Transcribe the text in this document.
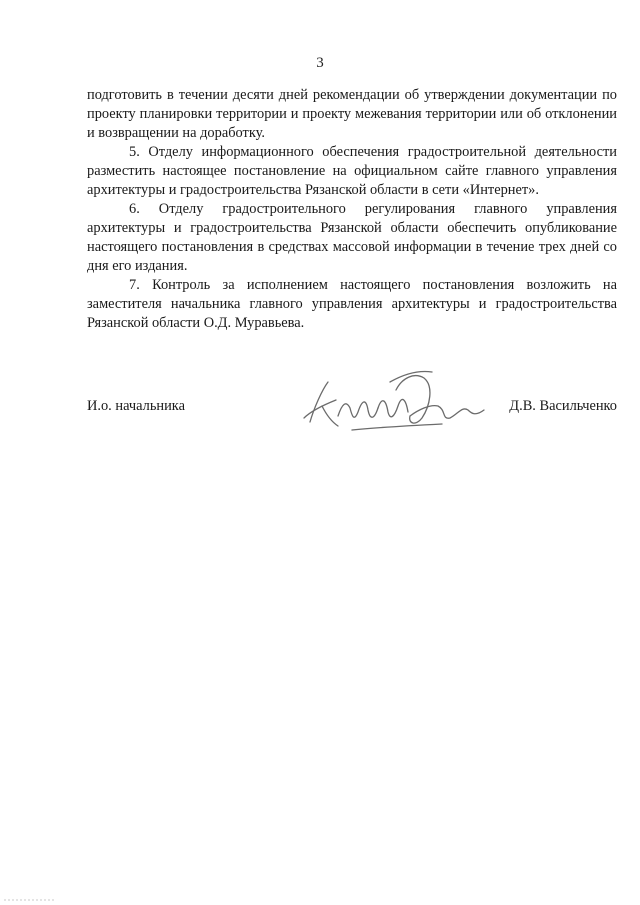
3

подготовить в течении десяти дней рекомендации об утверждении документации по проекту планировки территории и проекту межевания территории или об отклонении и возвращении на доработку.

5. Отделу информационного обеспечения градостроительной деятельности разместить настоящее постановление на официальном сайте главного управления архитектуры и градостроительства Рязанской области в сети «Интернет».

6. Отделу градостроительного регулирования главного управления архитектуры и градостроительства Рязанской области обеспечить опубликование настоящего постановления в средствах массовой информации в течение трех дней со дня его издания.

7. Контроль за исполнением настоящего постановления возложить на заместителя начальника главного управления архитектуры и градостроительства Рязанской области О.Д. Муравьева.

И.о. начальника	Д.В. Васильченко
